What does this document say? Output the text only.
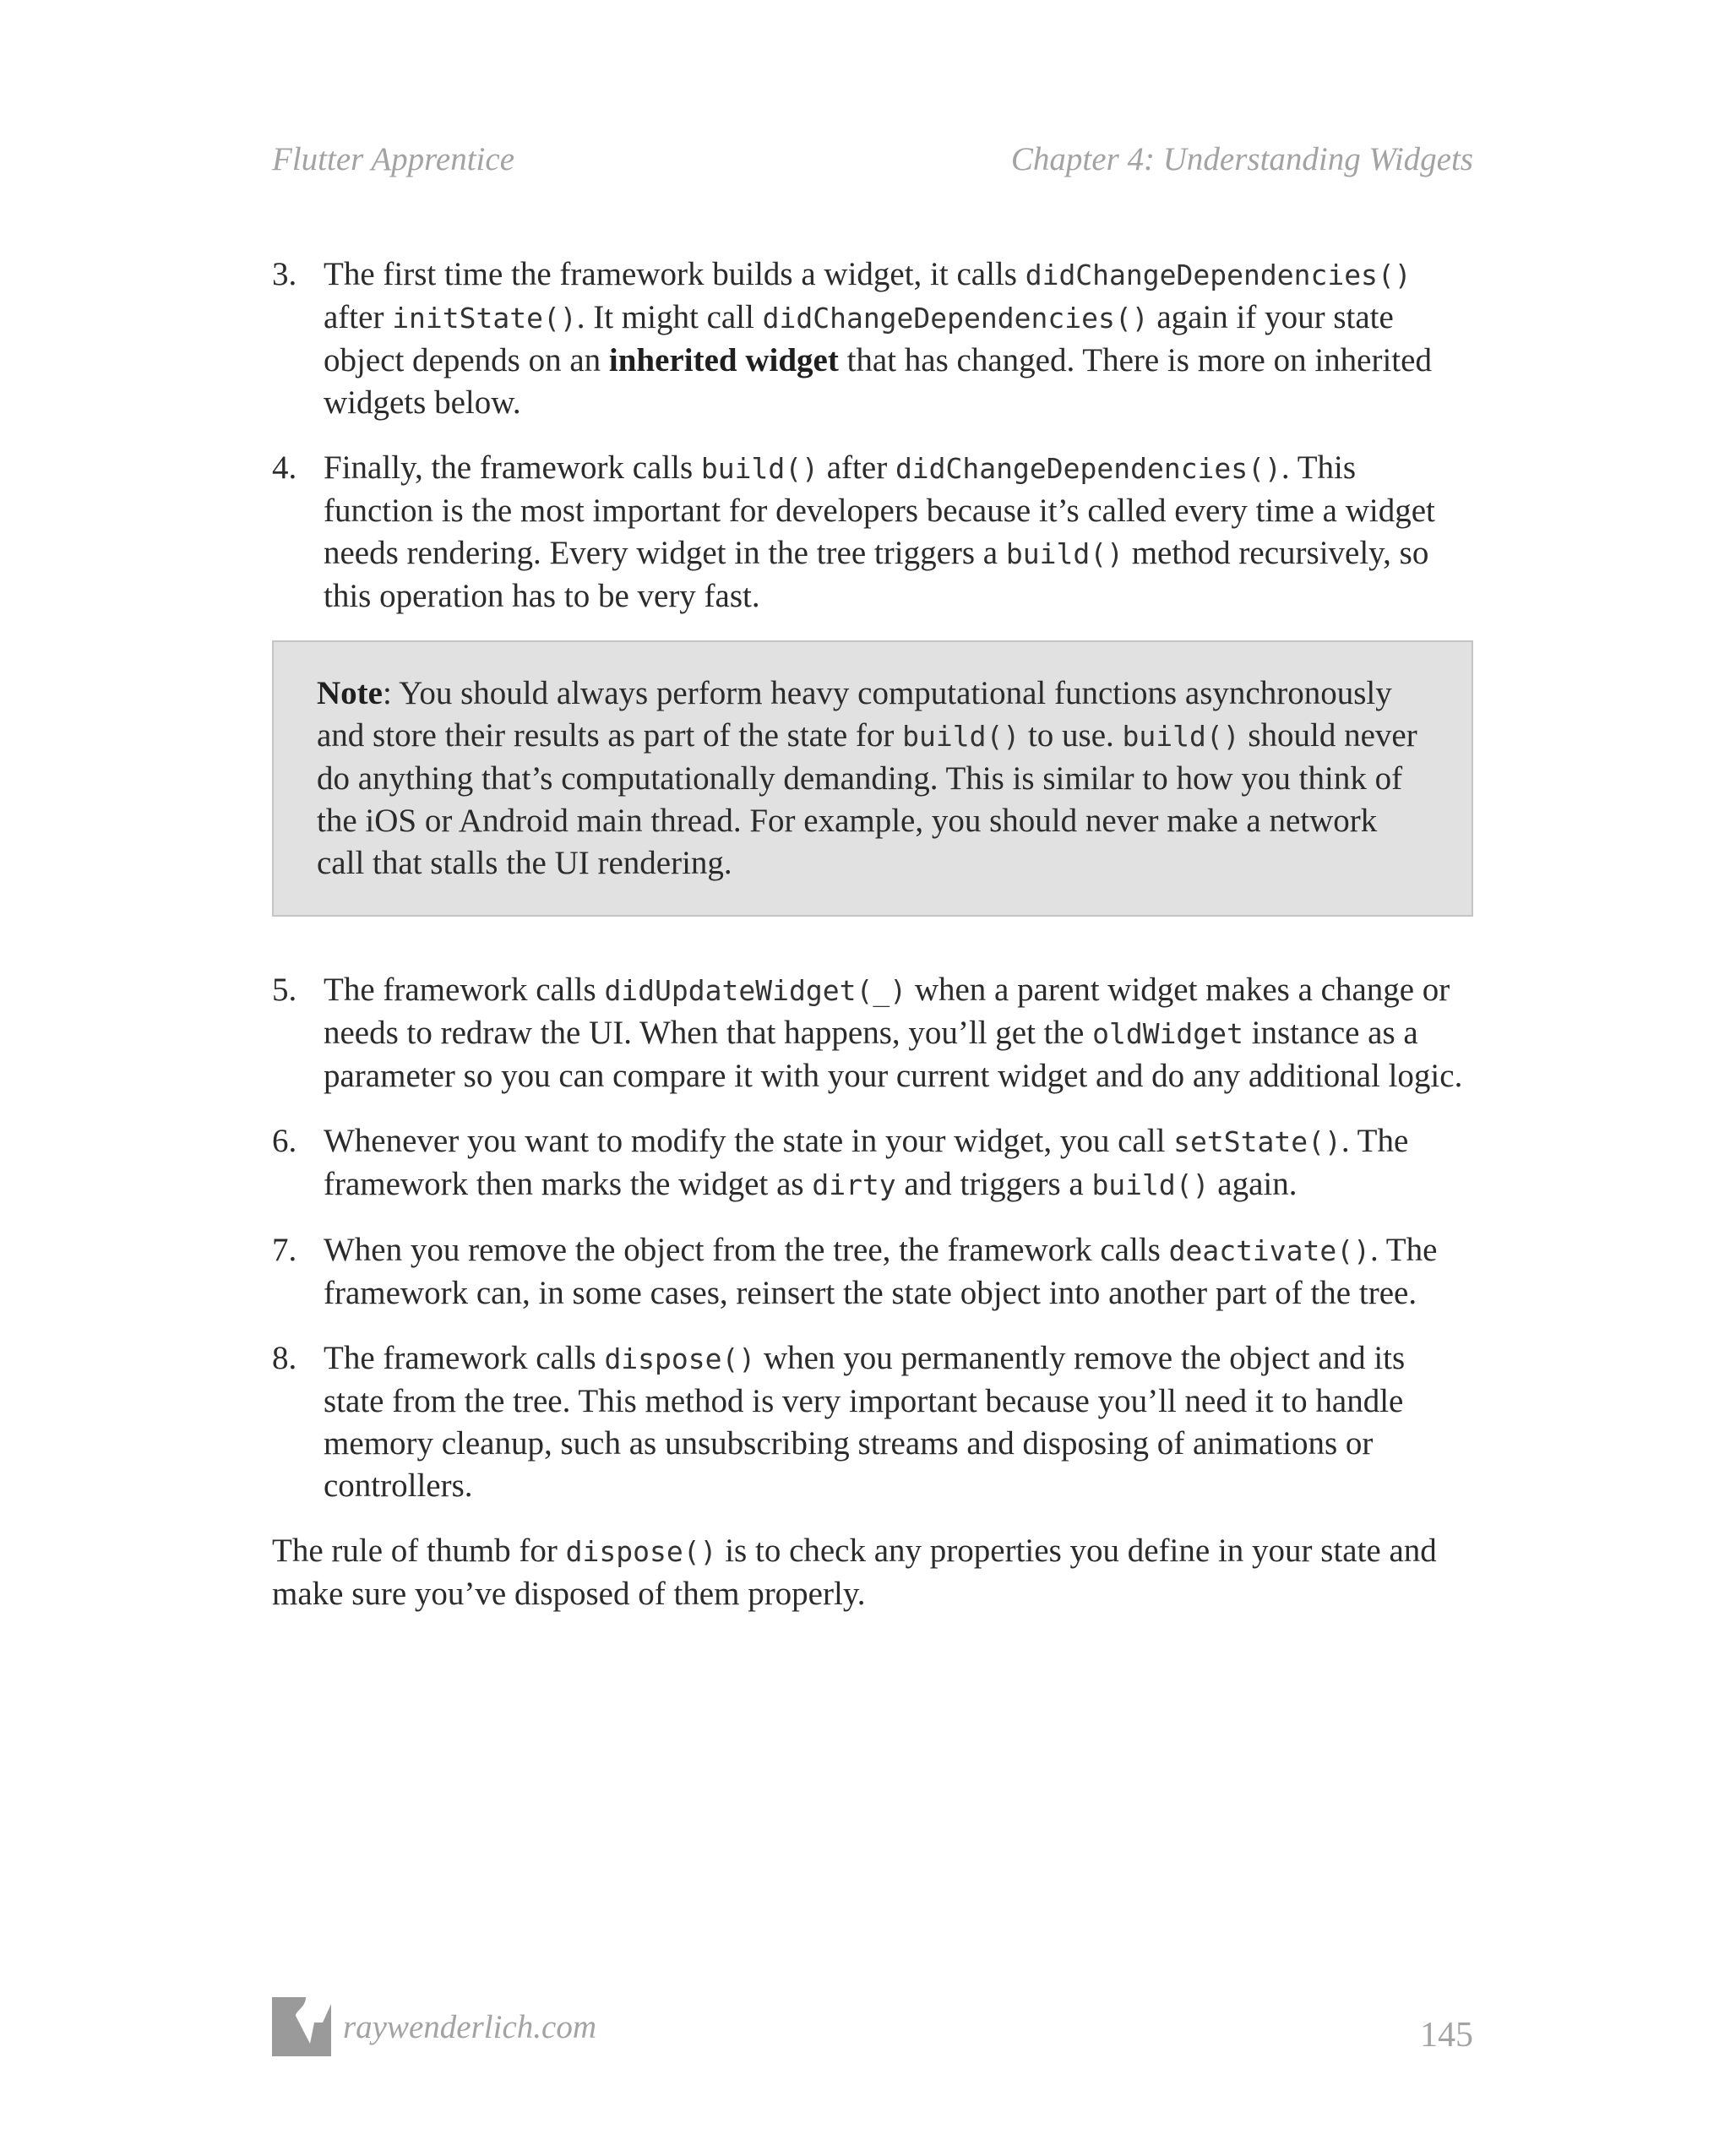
Flutter Apprentice	Chapter 4: Understanding Widgets
3. The first time the framework builds a widget, it calls didChangeDependencies() after initState(). It might call didChangeDependencies() again if your state object depends on an inherited widget that has changed. There is more on inherited widgets below.
4. Finally, the framework calls build() after didChangeDependencies(). This function is the most important for developers because it’s called every time a widget needs rendering. Every widget in the tree triggers a build() method recursively, so this operation has to be very fast.
Note: You should always perform heavy computational functions asynchronously and store their results as part of the state for build() to use. build() should never do anything that’s computationally demanding. This is similar to how you think of the iOS or Android main thread. For example, you should never make a network call that stalls the UI rendering.
5. The framework calls didUpdateWidget(_) when a parent widget makes a change or needs to redraw the UI. When that happens, you’ll get the oldWidget instance as a parameter so you can compare it with your current widget and do any additional logic.
6. Whenever you want to modify the state in your widget, you call setState(). The framework then marks the widget as dirty and triggers a build() again.
7. When you remove the object from the tree, the framework calls deactivate(). The framework can, in some cases, reinsert the state object into another part of the tree.
8. The framework calls dispose() when you permanently remove the object and its state from the tree. This method is very important because you’ll need it to handle memory cleanup, such as unsubscribing streams and disposing of animations or controllers.

The rule of thumb for dispose() is to check any properties you define in your state and make sure you’ve disposed of them properly.

raywenderlich.com	145
